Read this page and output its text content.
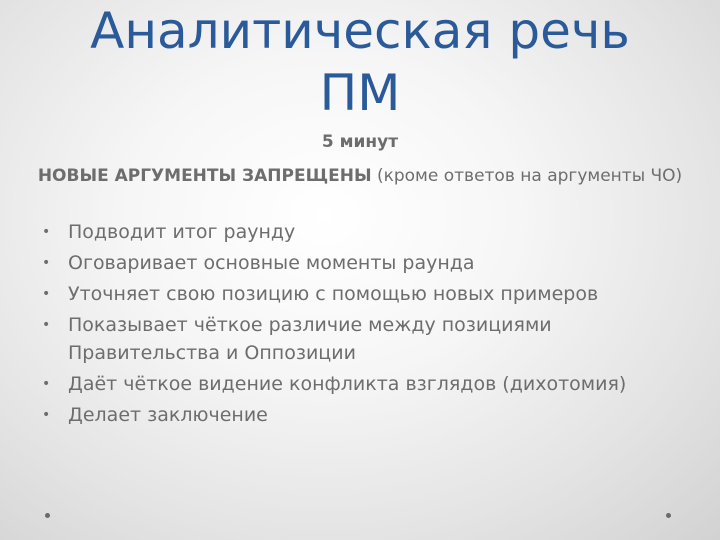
Аналитическая речь
ПМ
5 минут
НОВЫЕ АРГУМЕНТЫ ЗАПРЕЩЕНЫ (кроме ответов на аргументы ЧО)
• Подводит итог раунду
• Оговаривает основные моменты раунда
• Уточняет свою позицию с помощью новых примеров
• Показывает чёткое различие между позициями Правительства и Оппозиции
• Даёт чёткое видение конфликта взглядов (дихотомия)
• Делает заключение
